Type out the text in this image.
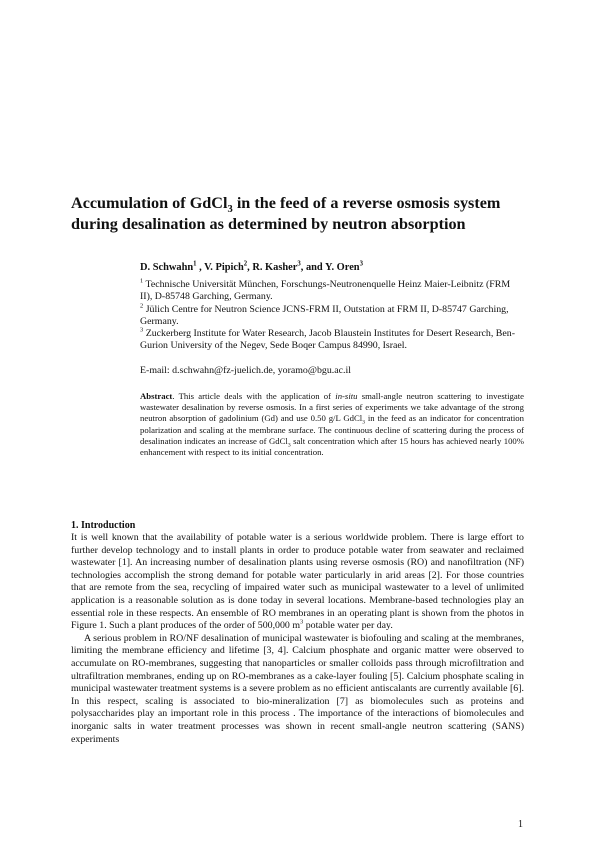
Accumulation of GdCl$_3$ in the feed of a reverse osmosis system during desalination as determined by neutron absorption

D. Schwahn$^1$ , V. Pipich$^2$, R. Kasher$^3$, and Y. Oren$^3$

$^1$ Technische Universität München, Forschungs-Neutronenquelle Heinz Maier-Leibnitz (FRM II), D-85748 Garching, Germany.

$^2$ Jülich Centre for Neutron Science JCNS-FRM II, Outstation at FRM II, D-85747 Garching, Germany.

$^3$ Zuckerberg Institute for Water Research, Jacob Blaustein Institutes for Desert Research, Ben-Gurion University of the Negev, Sede Boqer Campus 84990, Israel.

E-mail: d.schwahn@fz-juelich.de, yoramo@bgu.ac.il

Abstract. This article deals with the application of in-situ small-angle neutron scattering to investigate wastewater desalination by reverse osmosis. In a first series of experiments we take advantage of the strong neutron absorption of gadolinium (Gd) and use 0.50 g/L GdCl$_3$ in the feed as an indicator for concentration polarization and scaling at the membrane surface. The continuous decline of scattering during the process of desalination indicates an increase of GdCl$_3$ salt concentration which after 15 hours has achieved nearly 100% enhancement with respect to its initial concentration.

1. Introduction

It is well known that the availability of potable water is a serious worldwide problem. There is large effort to further develop technology and to install plants in order to produce potable water from seawater and reclaimed wastewater [1]. An increasing number of desalination plants using reverse osmosis (RO) and nanofiltration (NF) technologies accomplish the strong demand for potable water particularly in arid areas [2]. For those countries that are remote from the sea, recycling of impaired water such as municipal wastewater to a level of unlimited application is a reasonable solution as is done today in several locations. Membrane-based technologies play an essential role in these respects. An ensemble of RO membranes in an operating plant is shown from the photos in Figure 1. Such a plant produces of the order of 500,000 $m^3$ potable water per day.

A serious problem in RO/NF desalination of municipal wastewater is biofouling and scaling at the membranes, limiting the membrane efficiency and lifetime [3, 4]. Calcium phosphate and organic matter were observed to accumulate on RO-membranes, suggesting that nanoparticles or smaller colloids pass through microfiltration and ultrafiltration membranes, ending up on RO-membranes as a cake-layer fouling [5]. Calcium phosphate scaling in municipal wastewater treatment systems is a severe problem as no efficient antiscalants are currently available [6]. In this respect, scaling is associated to bio-mineralization [7] as biomolecules such as proteins and polysaccharides play an important role in this process . The importance of the interactions of biomolecules and inorganic salts in water treatment processes was shown in recent small-angle neutron scattering (SANS) experiments

1
